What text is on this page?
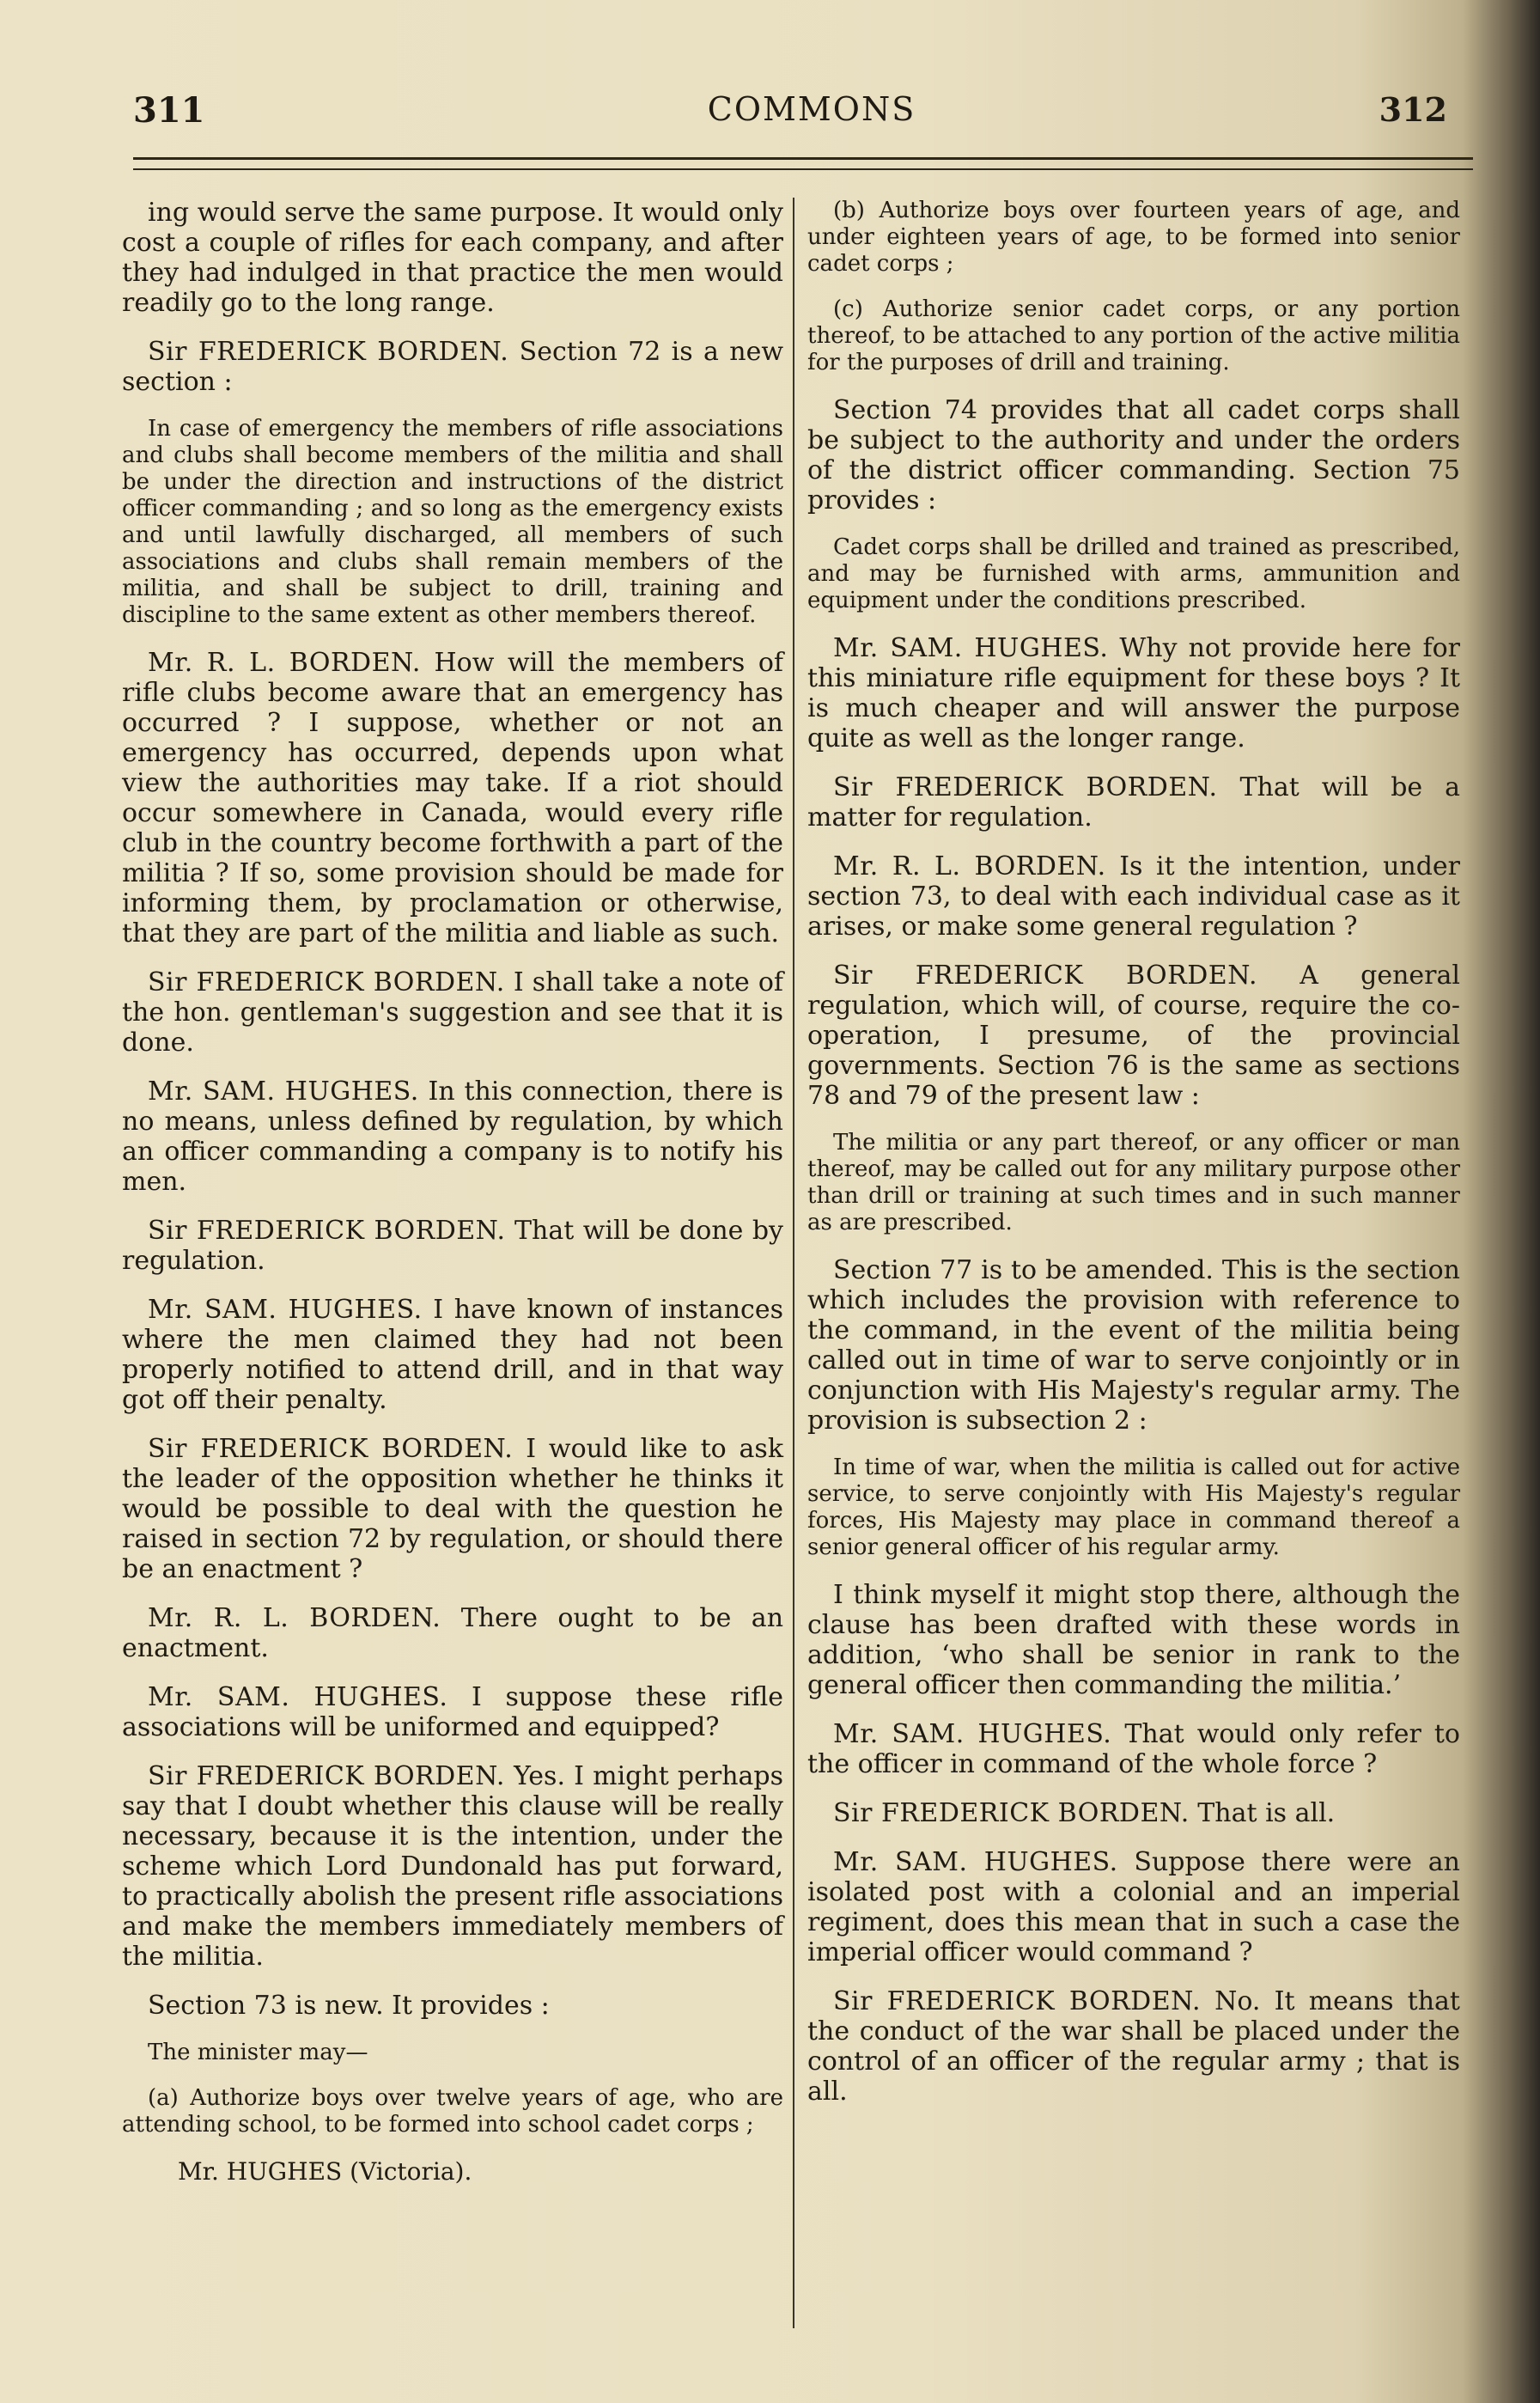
311	COMMONS	312

ing would serve the same purpose. It would only cost a couple of rifles for each company, and after they had indulged in that practice the men would readily go to the long range.

Sir FREDERICK BORDEN. Section 72 is a new section :

In case of emergency the members of rifle associations and clubs shall become members of the militia and shall be under the direction and instructions of the district officer commanding ; and so long as the emergency exists and until lawfully discharged, all members of such associations and clubs shall remain members of the militia, and shall be subject to drill, training and discipline to the same extent as other members thereof.

Mr. R. L. BORDEN. How will the members of rifle clubs become aware that an emergency has occurred ? I suppose, whether or not an emergency has occurred, depends upon what view the authorities may take. If a riot should occur somewhere in Canada, would every rifle club in the country become forthwith a part of the militia ? If so, some provision should be made for informing them, by proclamation or otherwise, that they are part of the militia and liable as such.

Sir FREDERICK BORDEN. I shall take a note of the hon. gentleman's suggestion and see that it is done.

Mr. SAM. HUGHES. In this connection, there is no means, unless defined by regulation, by which an officer commanding a company is to notify his men.

Sir FREDERICK BORDEN. That will be done by regulation.

Mr. SAM. HUGHES. I have known of instances where the men claimed they had not been properly notified to attend drill, and in that way got off their penalty.

Sir FREDERICK BORDEN. I would like to ask the leader of the opposition whether he thinks it would be possible to deal with the question he raised in section 72 by regulation, or should there be an enactment ?

Mr. R. L. BORDEN. There ought to be an enactment.

Mr. SAM. HUGHES. I suppose these rifle associations will be uniformed and equipped?

Sir FREDERICK BORDEN. Yes. I might perhaps say that I doubt whether this clause will be really necessary, because it is the intention, under the scheme which Lord Dundonald has put forward, to practically abolish the present rifle associations and make the members immediately members of the militia.

Section 73 is new. It provides :

The minister may—

(a) Authorize boys over twelve years of age, who are attending school, to be formed into school cadet corps ;

Mr. HUGHES (Victoria).

(b) Authorize boys over fourteen years of age, and under eighteen years of age, to be formed into senior cadet corps ;

(c) Authorize senior cadet corps, or any portion thereof, to be attached to any portion of the active militia for the purposes of drill and training.

Section 74 provides that all cadet corps shall be subject to the authority and under the orders of the district officer commanding. Section 75 provides :

Cadet corps shall be drilled and trained as prescribed, and may be furnished with arms, ammunition and equipment under the conditions prescribed.

Mr. SAM. HUGHES. Why not provide here for this miniature rifle equipment for these boys ? It is much cheaper and will answer the purpose quite as well as the longer range.

Sir FREDERICK BORDEN. That will be a matter for regulation.

Mr. R. L. BORDEN. Is it the intention, under section 73, to deal with each individual case as it arises, or make some general regulation ?

Sir FREDERICK BORDEN. A general regulation, which will, of course, require the co-operation, I presume, of the provincial governments. Section 76 is the same as sections 78 and 79 of the present law :

The militia or any part thereof, or any officer or man thereof, may be called out for any military purpose other than drill or training at such times and in such manner as are prescribed.

Section 77 is to be amended. This is the section which includes the provision with reference to the command, in the event of the militia being called out in time of war to serve conjointly or in conjunction with His Majesty's regular army. The provision is subsection 2 :

In time of war, when the militia is called out for active service, to serve conjointly with His Majesty's regular forces, His Majesty may place in command thereof a senior general officer of his regular army.

I think myself it might stop there, although the clause has been drafted with these words in addition, ‘who shall be senior in rank to the general officer then commanding the militia.’

Mr. SAM. HUGHES. That would only refer to the officer in command of the whole force ?

Sir FREDERICK BORDEN. That is all.

Mr. SAM. HUGHES. Suppose there were an isolated post with a colonial and an imperial regiment, does this mean that in such a case the imperial officer would command ?

Sir FREDERICK BORDEN. No. It means that the conduct of the war shall be placed under the control of an officer of the regular army ; that is all.
